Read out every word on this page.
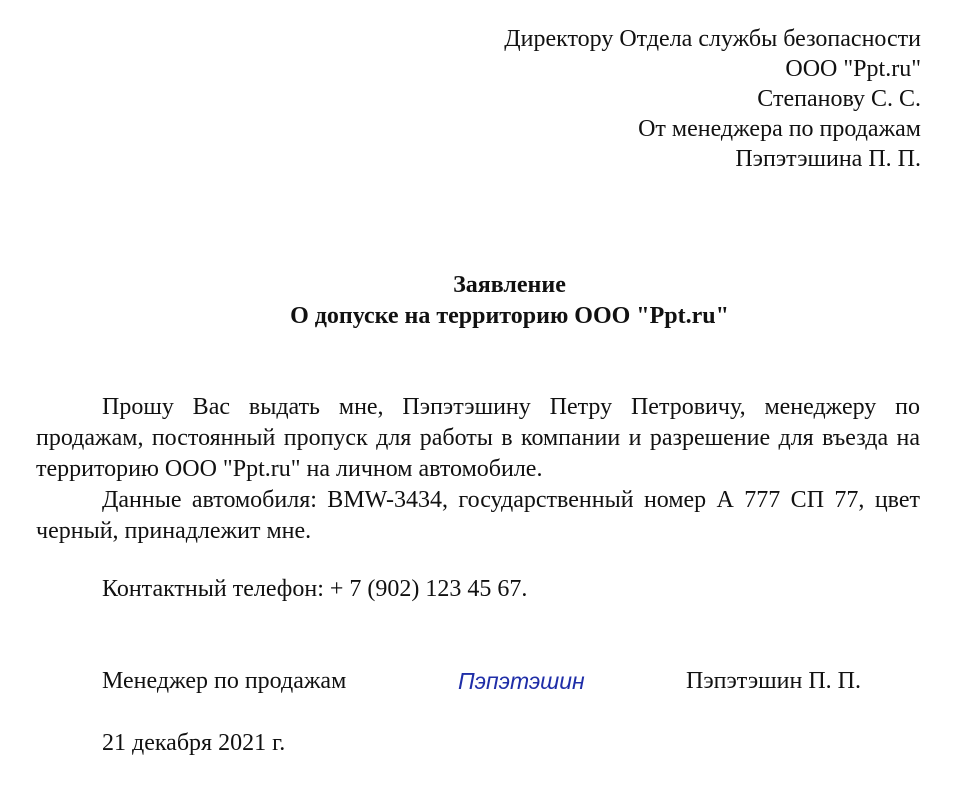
Директору Отдела службы безопасности
ООО "Ppt.ru"
Степанову С. С.
От менеджера по продажам
Пэпэтэшина П. П.
Заявление
О допуске на территорию ООО "Ppt.ru"

Прошу Вас выдать мне, Пэпэтэшину Петру Петровичу, менеджеру по продажам, постоянный пропуск для работы в компании и разрешение для въезда на территорию ООО "Ppt.ru" на личном автомобиле.

Данные автомобиля: BMW-3434, государственный номер А 777 СП 77, цвет черный, принадлежит мне.

Контактный телефон: + 7 (902) 123 45 67.
Менеджер по продажам	Пэпэтэшин	Пэпэтэшин П. П.
21 декабря 2021 г.
